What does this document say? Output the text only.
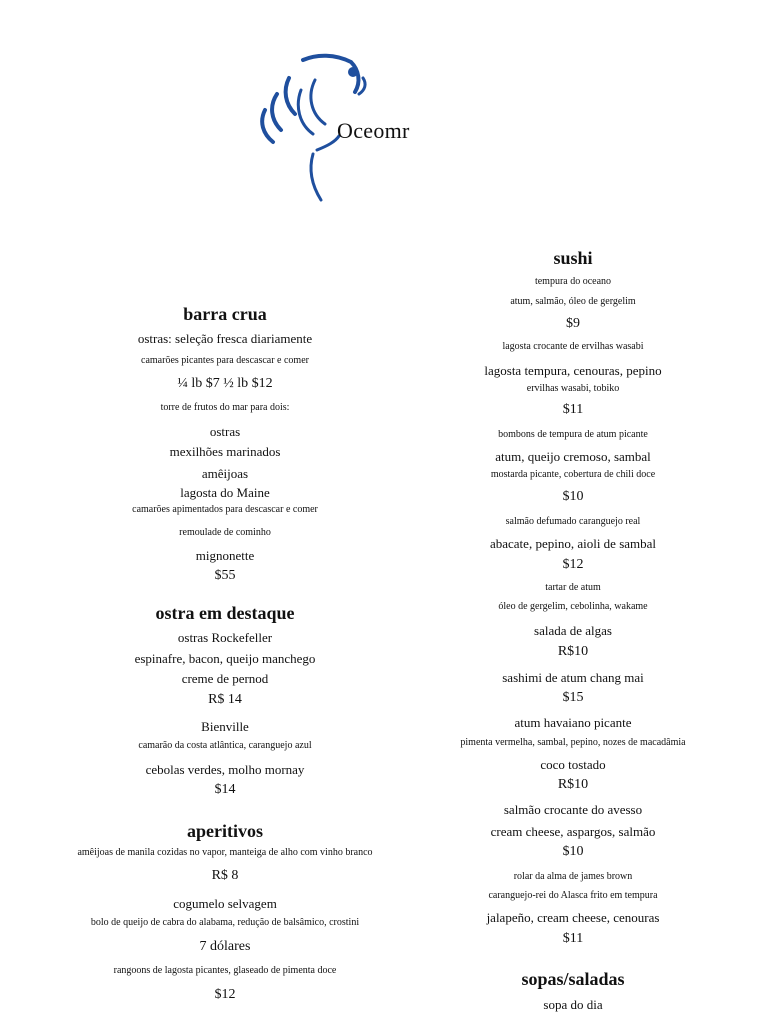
Oceomr
barra crua
ostras: seleção fresca diariamente
camarões picantes para descascar e comer
¼ lb $7 ½ lb $12
torre de frutos do mar para dois:
ostras
mexilhões marinados
amêijoas
lagosta do Maine
camarões apimentados para descascar e comer
remoulade de cominho
mignonette
$55
ostra em destaque
ostras Rockefeller
espinafre, bacon, queijo manchego
creme de pernod
R$ 14
Bienville
camarão da costa atlântica, caranguejo azul
cebolas verdes, molho mornay
$14
aperitivos
amêijoas de manila cozidas no vapor, manteiga de alho com vinho branco
R$ 8
cogumelo selvagem
bolo de queijo de cabra do alabama, redução de balsâmico, crostini
7 dólares
rangoons de lagosta picantes, glaseado de pimenta doce
$12
sushi
tempura do oceano
atum, salmão, óleo de gergelim
$9
lagosta crocante de ervilhas wasabi
lagosta tempura, cenouras, pepino
ervilhas wasabi, tobiko
$11
bombons de tempura de atum picante
atum, queijo cremoso, sambal
mostarda picante, cobertura de chili doce
$10
salmão defumado caranguejo real
abacate, pepino, aioli de sambal
$12
tartar de atum
óleo de gergelim, cebolinha, wakame
salada de algas
R$10
sashimi de atum chang mai
$15
atum havaiano picante
pimenta vermelha, sambal, pepino, nozes de macadâmia
coco tostado
R$10
salmão crocante do avesso
cream cheese, aspargos, salmão
$10
rolar da alma de james brown
caranguejo-rei do Alasca frito em tempura
jalapeño, cream cheese, cenouras
$11
sopas/saladas
sopa do dia
